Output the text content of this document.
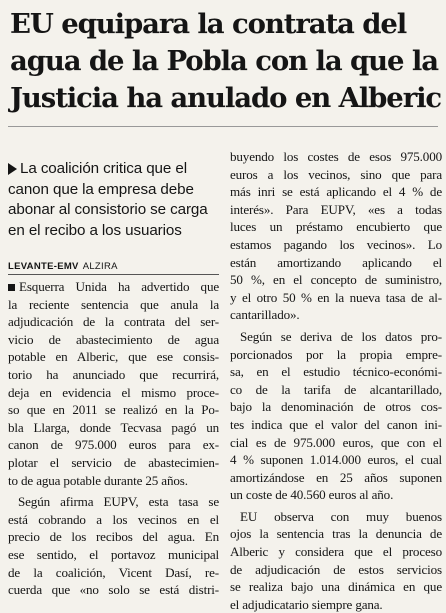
EU equipara la contrata del
agua de la Pobla con la que la
Justicia ha anulado en Alberic
La coalición critica que el
canon que la empresa debe
abonar al consistorio se carga
en el recibo a los usuarios
LEVANTE-EMV ALZIRA
Esquerra Unida ha advertido que
la reciente sentencia que anula la
adjudicación de la contrata del ser-
vicio de abastecimiento de agua
potable en Alberic, que ese consis-
torio ha anunciado que recurrirá,
deja en evidencia el mismo proce-
so que en 2011 se realizó en la Po-
bla Llarga, donde Tecvasa pagó un
canon de 975.000 euros para ex-
plotar el servicio de abastecimien-
to de agua potable durante 25 años.
Según afirma EUPV, esta tasa se
está cobrando a los vecinos en el
precio de los recibos del agua. En
ese sentido, el portavoz municipal
de la coalición, Vicent Dasí, re-
cuerda que «no solo se está distri-
buyendo los costes de esos 975.000
euros a los vecinos, sino que para
más inri se está aplicando el 4 % de
interés». Para EUPV, «es a todas
luces un préstamo encubierto que
estamos pagando los vecinos». Lo
están amortizando aplicando el
50 %, en el concepto de suministro,
y el otro 50 % en la nueva tasa de al-
cantarillado».
Según se deriva de los datos pro-
porcionados por la propia empre-
sa, en el estudio técnico-económi-
co de la tarifa de alcantarillado,
bajo la denominación de otros cos-
tes indica que el valor del canon ini-
cial es de 975.000 euros, que con el
4 % suponen 1.014.000 euros, el cual
amortizándose en 25 años suponen
un coste de 40.560 euros al año.
EU observa con muy buenos
ojos la sentencia tras la denuncia de
Alberic y considera que el proceso
de adjudicación de estos servicios
se realiza bajo una dinámica en que
el adjudicatario siempre gana.
